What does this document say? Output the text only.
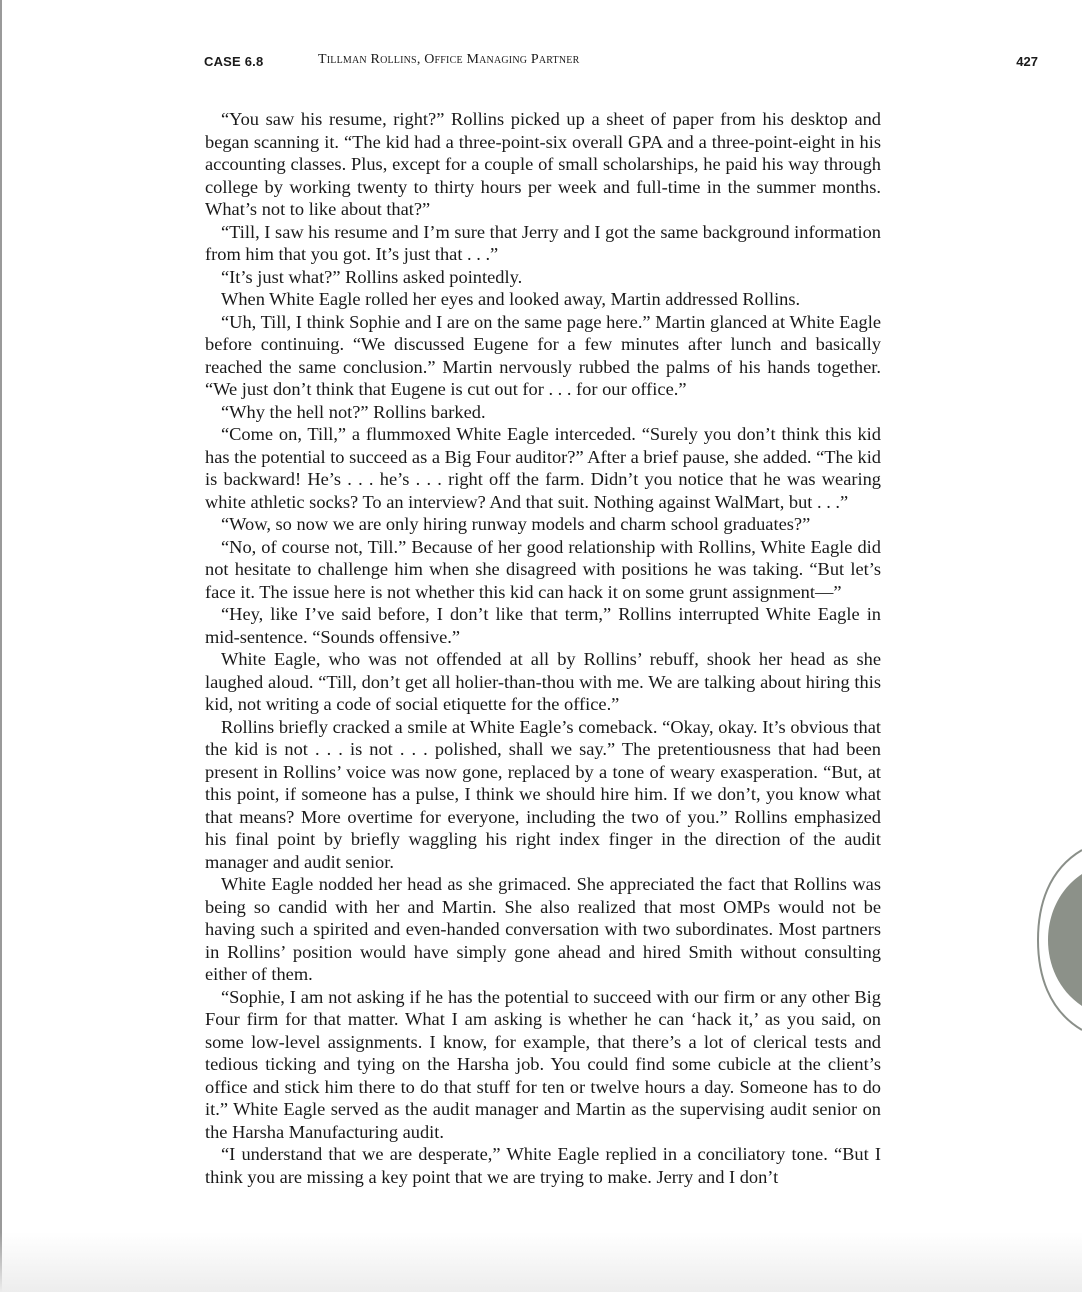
CASE 6.8	Tillman Rollins, Office Managing Partner	427

“You saw his resume, right?” Rollins picked up a sheet of paper from his desktop and began scanning it. “The kid had a three-point-six overall GPA and a three-point-eight in his accounting classes. Plus, except for a couple of small scholarships, he paid his way through college by working twenty to thirty hours per week and full-time in the summer months. What’s not to like about that?”

“Till, I saw his resume and I’m sure that Jerry and I got the same background information from him that you got. It’s just that . . .”

“It’s just what?” Rollins asked pointedly.

When White Eagle rolled her eyes and looked away, Martin addressed Rollins.

“Uh, Till, I think Sophie and I are on the same page here.” Martin glanced at White Eagle before continuing. “We discussed Eugene for a few minutes after lunch and basically reached the same conclusion.” Martin nervously rubbed the palms of his hands together. “We just don’t think that Eugene is cut out for . . . for our office.”

“Why the hell not?” Rollins barked.

“Come on, Till,” a flummoxed White Eagle interceded. “Surely you don’t think this kid has the potential to succeed as a Big Four auditor?” After a brief pause, she added. “The kid is backward! He’s . . . he’s . . . right off the farm. Didn’t you notice that he was wearing white athletic socks? To an interview? And that suit. Nothing against WalMart, but . . .”

“Wow, so now we are only hiring runway models and charm school graduates?”

“No, of course not, Till.” Because of her good relationship with Rollins, White Eagle did not hesitate to challenge him when she disagreed with positions he was taking. “But let’s face it. The issue here is not whether this kid can hack it on some grunt assignment—”

“Hey, like I’ve said before, I don’t like that term,” Rollins interrupted White Eagle in mid-sentence. “Sounds offensive.”

White Eagle, who was not offended at all by Rollins’ rebuff, shook her head as she laughed aloud. “Till, don’t get all holier-than-thou with me. We are talking about hiring this kid, not writing a code of social etiquette for the office.”

Rollins briefly cracked a smile at White Eagle’s comeback. “Okay, okay. It’s obvious that the kid is not . . . is not . . . polished, shall we say.” The pretentiousness that had been present in Rollins’ voice was now gone, replaced by a tone of weary exasperation. “But, at this point, if someone has a pulse, I think we should hire him. If we don’t, you know what that means? More overtime for everyone, including the two of you.” Rollins emphasized his final point by briefly waggling his right index finger in the direction of the audit manager and audit senior.

White Eagle nodded her head as she grimaced. She appreciated the fact that Rollins was being so candid with her and Martin. She also realized that most OMPs would not be having such a spirited and even-handed conversation with two subordinates. Most partners in Rollins’ position would have simply gone ahead and hired Smith without consulting either of them.

“Sophie, I am not asking if he has the potential to succeed with our firm or any other Big Four firm for that matter. What I am asking is whether he can ‘hack it,’ as you said, on some low-level assignments. I know, for example, that there’s a lot of clerical tests and tedious ticking and tying on the Harsha job. You could find some cubicle at the client’s office and stick him there to do that stuff for ten or twelve hours a day. Someone has to do it.” White Eagle served as the audit manager and Martin as the supervising audit senior on the Harsha Manufacturing audit.

“I understand that we are desperate,” White Eagle replied in a conciliatory tone. “But I think you are missing a key point that we are trying to make. Jerry and I don’t
